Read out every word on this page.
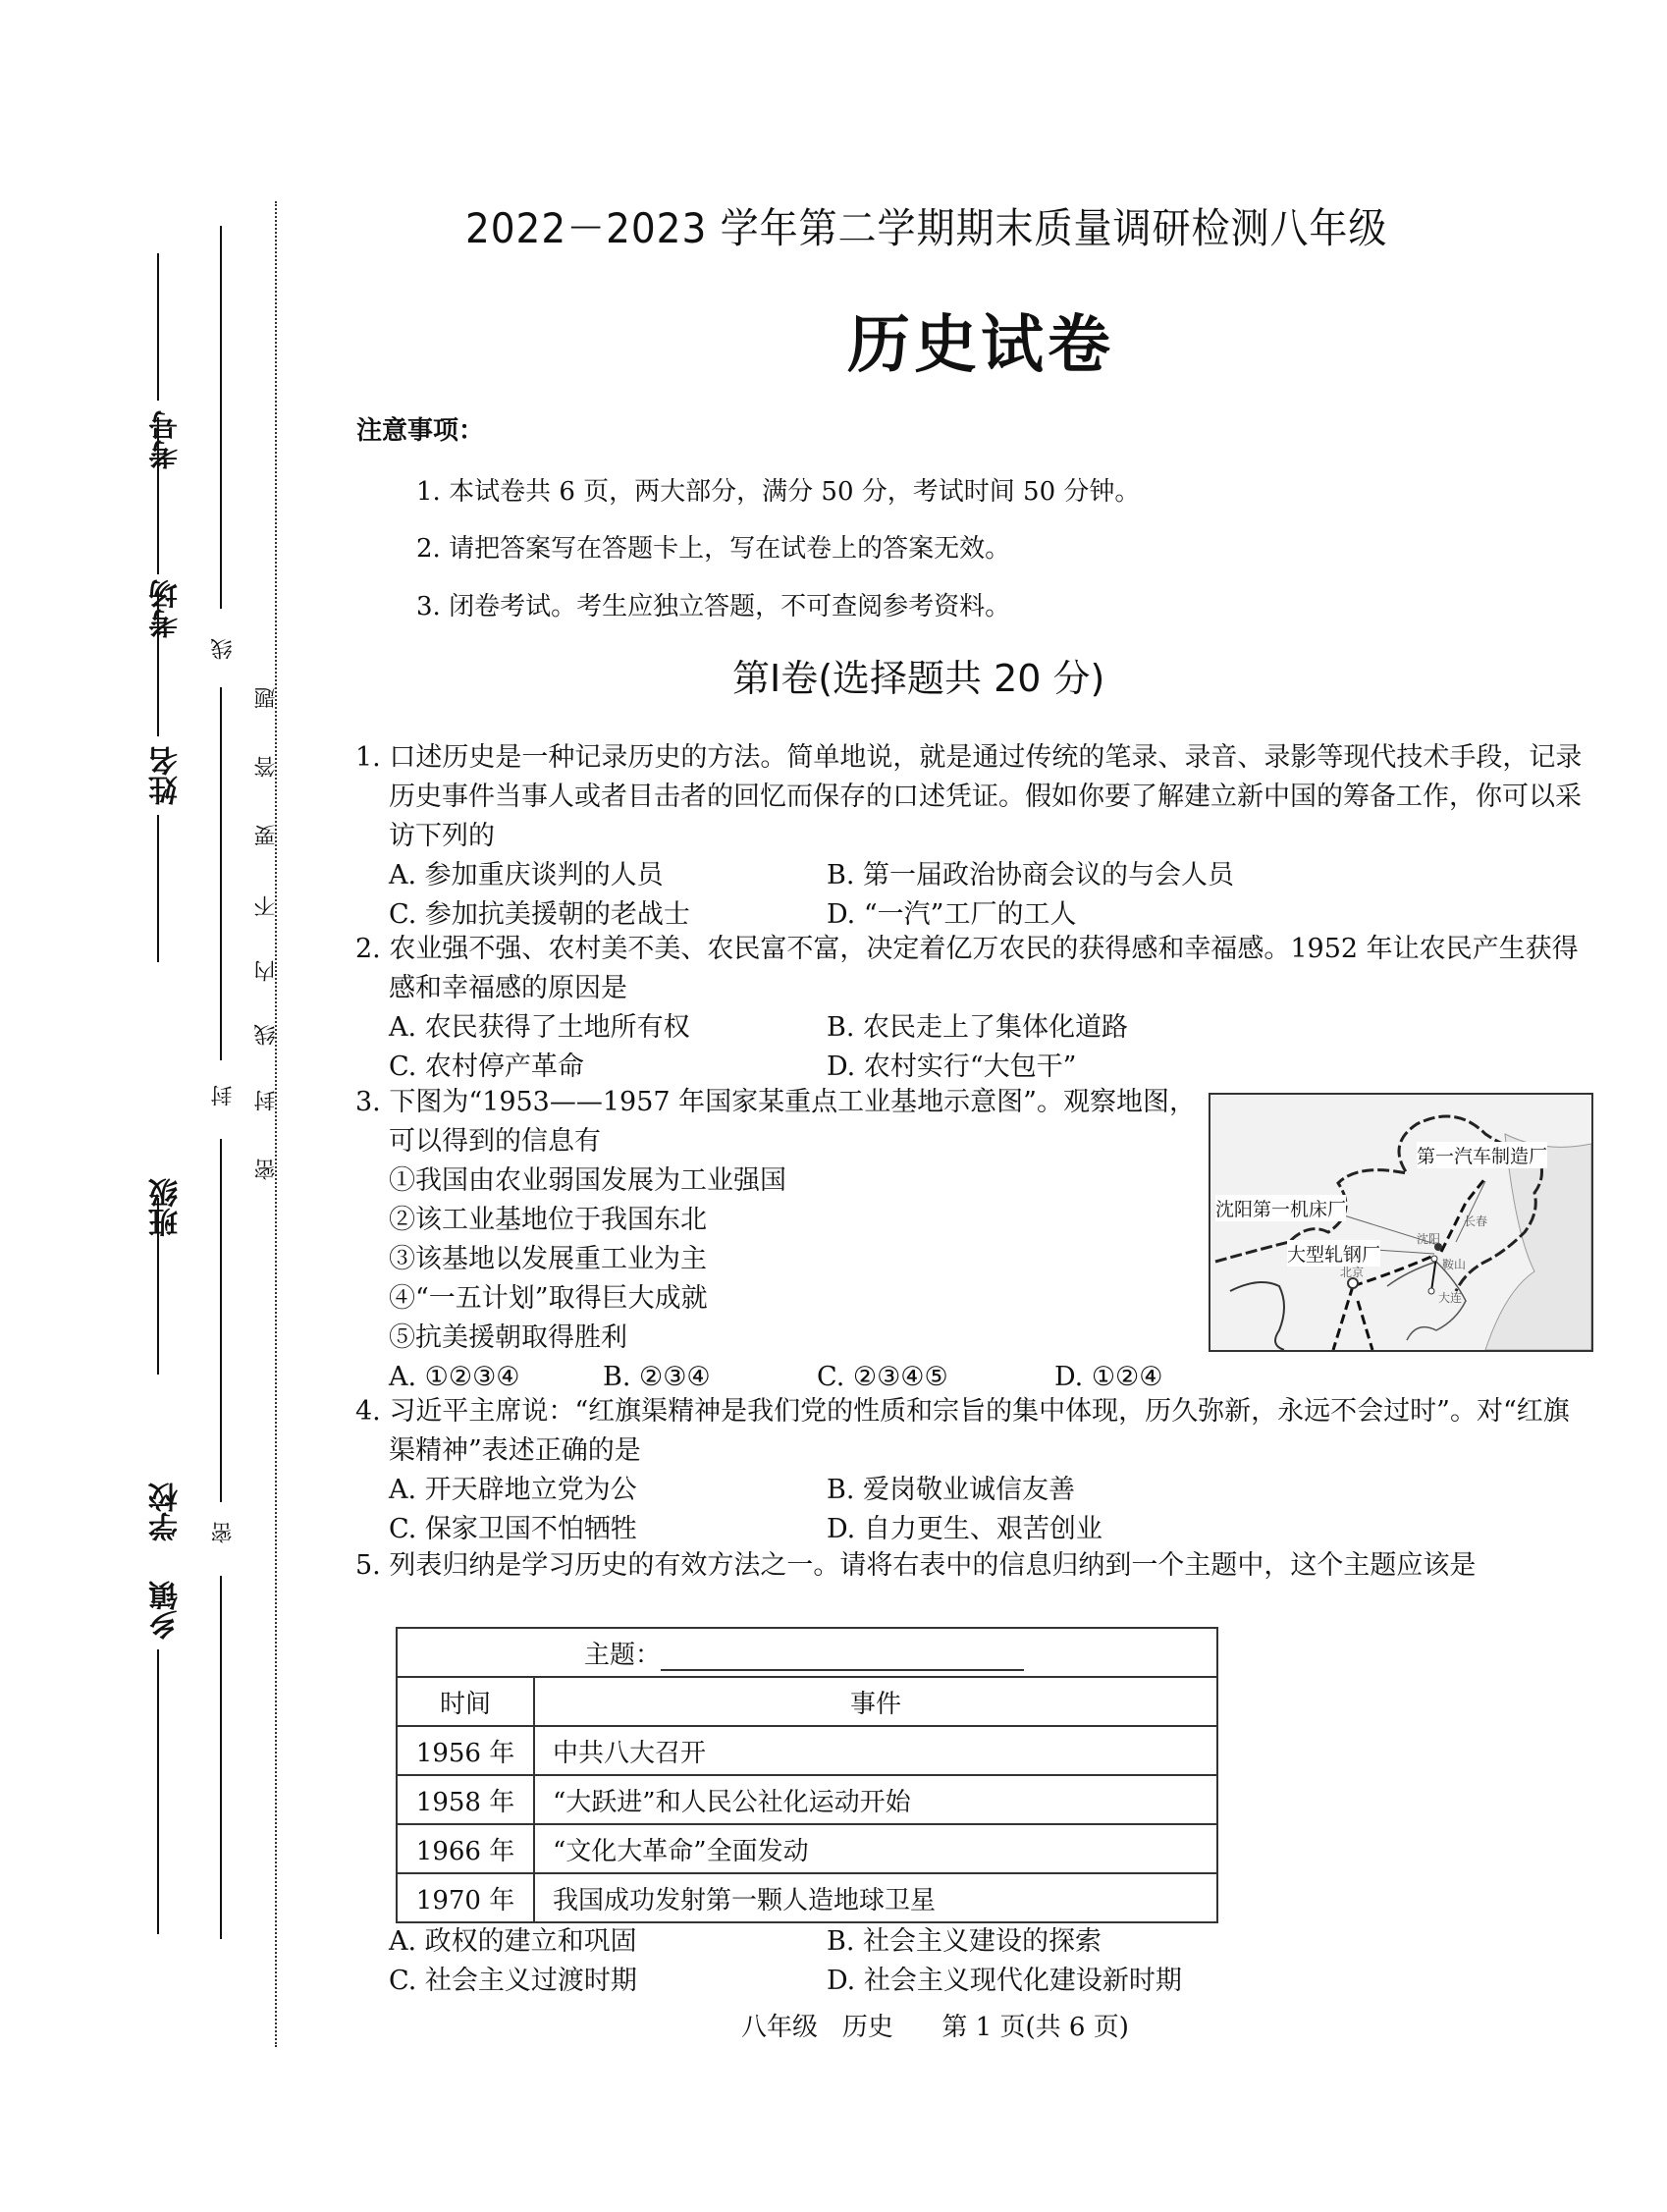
线
封
密
密
封
线
内
不
要
答
题
考号
考场
姓名
班级
学校
乡镇
2022－2023 学年第二学期期末质量调研检测八年级
历史试卷
注意事项：
1. 本试卷共 6 页，两大部分，满分 50 分，考试时间 50 分钟。
2. 请把答案写在答题卡上，写在试卷上的答案无效。
3. 闭卷考试。考生应独立答题，不可查阅参考资料。
第Ⅰ卷(选择题共 20 分)
1. 口述历史是一种记录历史的方法。简单地说，就是通过传统的笔录、录音、录影等现代技术手段，记录历史事件当事人或者目击者的回忆而保存的口述凭证。假如你要了解建立新中国的筹备工作，你可以采访下列的
A. 参加重庆谈判的人员	B. 第一届政治协商会议的与会人员
C. 参加抗美援朝的老战士	D. “一汽”工厂的工人
2. 农业强不强、农村美不美、农民富不富，决定着亿万农民的获得感和幸福感。1952 年让农民产生获得感和幸福感的原因是
A. 农民获得了土地所有权	B. 农民走上了集体化道路
C. 农村停产革命	D. 农村实行“大包干”
3. 下图为“1953——1957 年国家某重点工业基地示意图”。观察地图，可以得到的信息有
①我国由农业弱国发展为工业强国
②该工业基地位于我国东北
③该基地以发展重工业为主
④“一五计划”取得巨大成就
⑤抗美援朝取得胜利
A. ①②③④	B. ②③④	C. ②③④⑤	D. ①②④
第一汽车制造厂
沈阳第一机床厂
大型轧钢厂
长春
沈阳
鞍山
北京
大连
4. 习近平主席说：“红旗渠精神是我们党的性质和宗旨的集中体现，历久弥新，永远不会过时”。对“红旗渠精神”表述正确的是
A. 开天辟地立党为公	B. 爱岗敬业诚信友善
C. 保家卫国不怕牺牲	D. 自力更生、艰苦创业
5. 列表归纳是学习历史的有效方法之一。请将右表中的信息归纳到一个主题中，这个主题应该是
主题：	
时间	事件
1956 年	中共八大召开
1958 年	“大跃进”和人民公社化运动开始
1966 年	“文化大革命”全面发动
1970 年	我国成功发射第一颗人造地球卫星
A. 政权的建立和巩固	B. 社会主义建设的探索
C. 社会主义过渡时期	D. 社会主义现代化建设新时期
八年级 历史 第 1 页(共 6 页)
